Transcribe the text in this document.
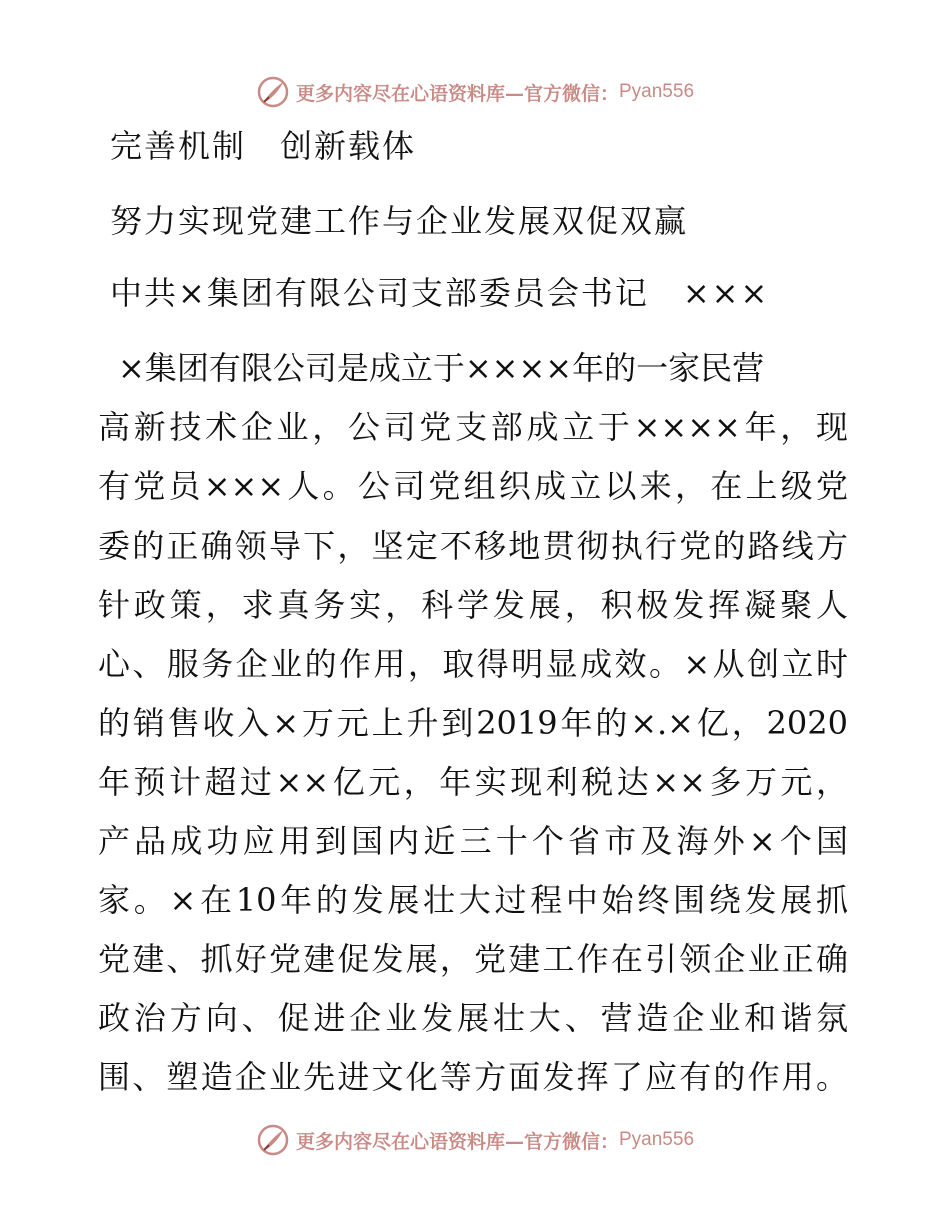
更多内容尽在心语资料库—官方微信： Pyan556
完善机制　创新载体
努力实现党建工作与企业发展双促双赢
中共×集团有限公司支部委员会书记　×××
×集团有限公司是成立于××××年的一家民营
高新技术企业，公司党支部成立于××××年，现
有党员×××人。公司党组织成立以来，在上级党
委的正确领导下，坚定不移地贯彻执行党的路线方
针政策，求真务实，科学发展，积极发挥凝聚人
心、服务企业的作用，取得明显成效。×从创立时
的销售收入×万元上升到2019年的×.×亿，2020
年预计超过××亿元，年实现利税达××多万元，
产品成功应用到国内近三十个省市及海外×个国
家。×在10年的发展壮大过程中始终围绕发展抓
党建、抓好党建促发展，党建工作在引领企业正确
政治方向、促进企业发展壮大、营造企业和谐氛
围、塑造企业先进文化等方面发挥了应有的作用。
更多内容尽在心语资料库—官方微信： Pyan556
